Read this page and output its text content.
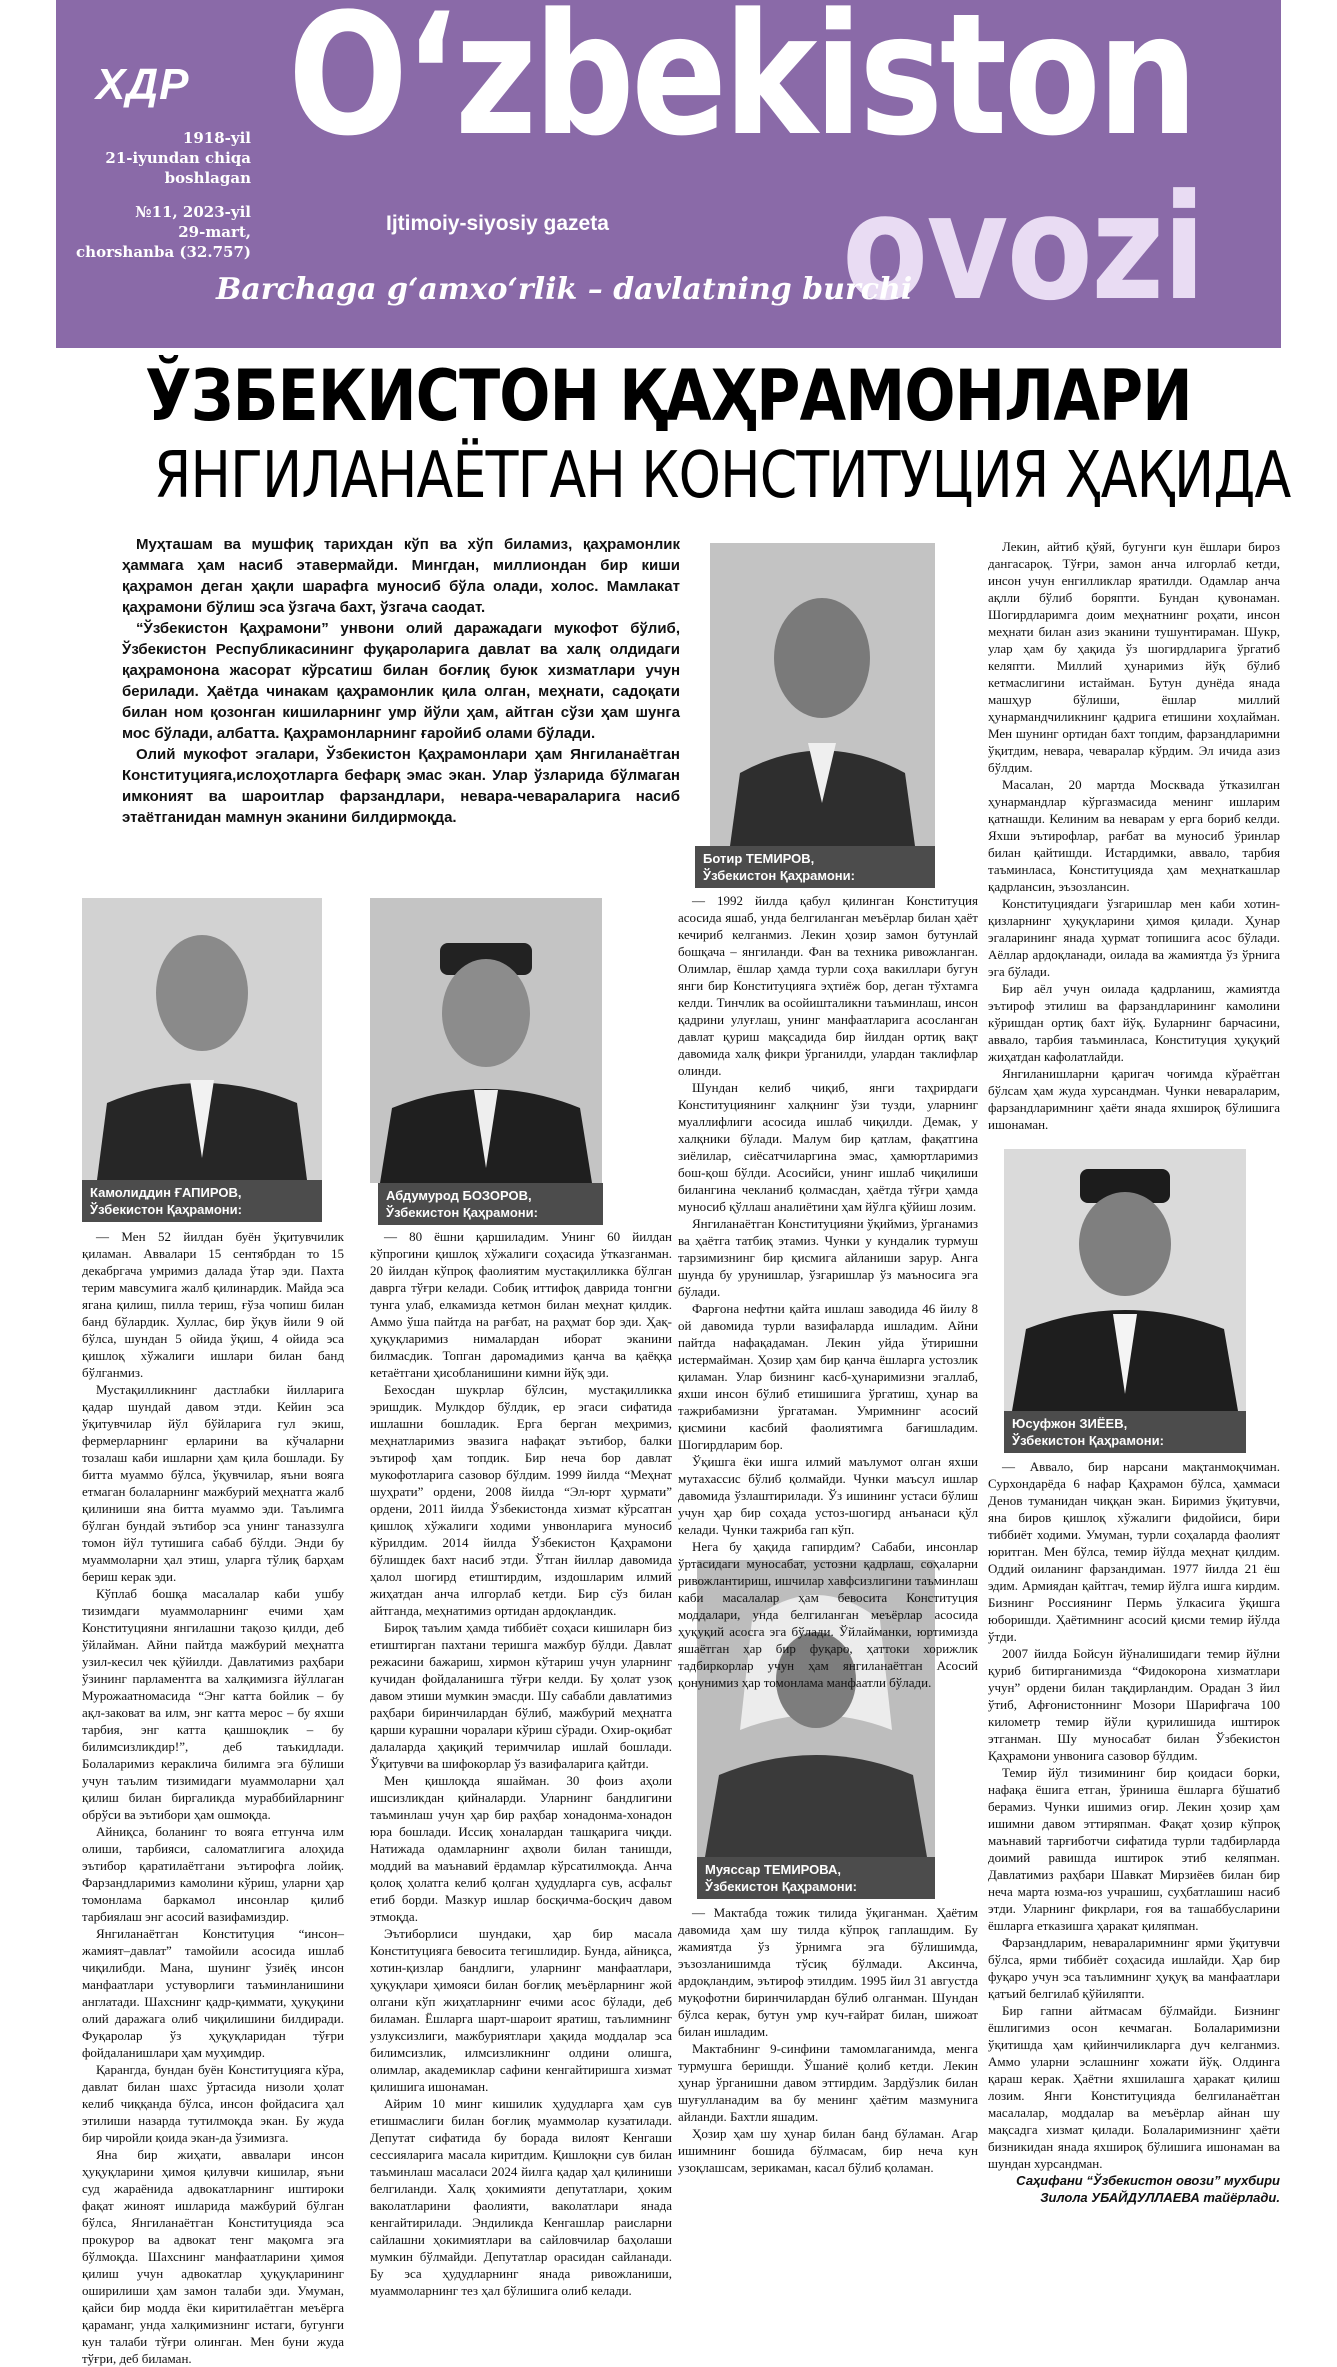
ХДР
1918-yil
21-iyundan chiqa
boshlagan
№11, 2023-yil
29-mart,
chorshanba (32.757)
O‘zbekiston
ovozi
Ijtimoiy-siyosiy gazeta
Barchaga g‘amxo‘rlik – davlatning burchi
ЎЗБЕКИСТОН ҚАҲРАМОНЛАРИ
ЯНГИЛАНАЁТГАН КОНСТИТУЦИЯ ҲАҚИДА

Муҳташам ва мушфиқ тарихдан кўп ва хўп биламиз, қаҳрамонлик ҳаммага ҳам насиб этавермайди. Мингдан, миллиондан бир киши қаҳрамон деган ҳақли шарафга муносиб бўла олади, холос. Мамлакат қаҳрамони бўлиш эса ўзгача бахт, ўзгача саодат.

“Ўзбекистон Қаҳрамони” унвони олий даражадаги мукофот бўлиб, Ўзбекистон Республикасининг фуқароларига давлат ва халқ олдидаги қаҳрамонона жасорат кўрсатиш билан боғлиқ буюк хизматлари учун берилади. Ҳаётда чинакам қаҳрамонлик қила олган, меҳнати, садоқати билан ном қозонган кишиларнинг умр йўли ҳам, айтган сўзи ҳам шунга мос бўлади, албатта. Қаҳрамонларнинг ғаройиб олами бўлади.

Олий мукофот эгалари, Ўзбекистон Қаҳрамонлари ҳам Янгиланаётган Конституцияга,ислоҳотларга бефарқ эмас экан. Улар ўзларида бўлмаган имконият ва шароитлар фарзандлари, невара-чевараларига насиб этаётганидан мамнун эканини билдирмоқда.

Ботир ТЕМИРОВ,
Ўзбекистон Қаҳрамони:
Камолиддин ҒАПИРОВ,
Ўзбекистон Қаҳрамони:
Абдумурод БОЗОРОВ,
Ўзбекистон Қаҳрамони:
Муяссар ТЕМИРОВА,
Ўзбекистон Қаҳрамони:
Юсуфжон ЗИЁЕВ,
Ўзбекистон Қаҳрамони:

— Мен 52 йилдан буён ўқитувчилик қиламан. Аввалари 15 сентябрдан то 15 декабргача умримиз далада ўтар эди. Пахта терим мавсумига жалб қилинардик. Майда эса ягана қилиш, пилла териш, ғўза чопиш билан банд бўлардик. Хуллас, бир ўқув йили 9 ой бўлса, шундан 5 ойида ўқиш, 4 ойида эса қишлоқ хўжалиги ишлари билан банд бўлганмиз.

Мустақилликнинг дастлабки йилларига қадар шундай давом этди. Кейин эса ўқитувчилар йўл бўйларига гул экиш, фермерларнинг ерларини ва кўчаларни тозалаш каби ишларни ҳам қила бошлади. Бу битта муаммо бўлса, ўқувчилар, яъни вояга етмаган болаларнинг мажбурий меҳнатга жалб қилиниши яна битта муаммо эди. Таълимга бўлган бундай эътибор эса унинг таназзулга томон йўл тутишига сабаб бўлди. Энди бу муаммоларни ҳал этиш, уларга тўлиқ барҳам бериш керак эди.

Кўплаб бошқа масалалар каби ушбу тизимдаги муаммоларнинг ечими ҳам Конституцияни янгилашни тақозо қилди, деб ўйлайман. Айни пайтда мажбурий меҳнатга узил-кесил чек қўйилди. Давлатимиз раҳбари ўзининг парламентга ва халқимизга йўллаган Мурожаатномасида “Энг катта бойлик – бу ақл-заковат ва илм, энг катта мерос – бу яхши тарбия, энг катта қашшоқлик – бу билимсизликдир!”, деб таъкидлади. Болаларимиз кераклича билимга эга бўлиши учун таълим тизимидаги муаммоларни ҳал қилиш билан биргаликда мураббийларнинг обрўси ва эътибори ҳам ошмоқда.

Айниқса, боланинг то вояга етгунча илм олиши, тарбияси, саломатлигига алоҳида эътибор қаратилаётгани эътирофга лойиқ. Фарзандларимиз камолини кўриш, уларни ҳар томонлама баркамол инсонлар қилиб тарбиялаш энг асосий вазифамиздир.

Янгиланаётган Конституция “инсон–жамият–давлат” тамойили асосида ишлаб чиқилибди. Мана, шунинг ўзиёқ инсон манфаатлари устуворлиги таъминланишини англатади. Шахснинг қадр-қиммати, ҳуқуқини олий даражага олиб чиқилишини билдиради. Фуқаролар ўз ҳуқуқларидан тўғри фойдаланишлари ҳам муҳимдир.

Қарангда, бундан буён Конституцияга кўра, давлат билан шахс ўртасида низоли ҳолат келиб чиққанда бўлса, инсон фойдасига ҳал этилиши назарда тутилмоқда экан. Бу жуда бир чиройли қоида экан-да ўзимизга.

Яна бир жиҳати, аввалари инсон ҳуқуқларини ҳимоя қилувчи кишилар, яъни суд жараёнида адвокатларнинг иштироки фақат жиноят ишларида мажбурий бўлган бўлса, Янгиланаётган Конституцияда эса прокурор ва адвокат тенг мақомга эга бўлмоқда. Шахснинг манфаатларини ҳимоя қилиш учун адвокатлар ҳуқуқларининг оширилиши ҳам замон талаби эди. Умуман, қайси бир модда ёки киритилаётган меъёрга қараманг, унда халқимизнинг истаги, бугунги кун талаби тўғри олинган. Мен буни жуда тўғри, деб биламан.

— 80 ёшни қаршиладим. Унинг 60 йилдан кўпрогини қишлоқ хўжалиги соҳасида ўтказганман. 20 йилдан кўпроқ фаолиятим мустақилликка бўлган даврга тўғри келади. Собиқ иттифоқ даврида тонгни тунга улаб, елкамизда кетмон билан меҳнат қилдик. Аммо ўша пайтда на рағбат, на раҳмат бор эди. Ҳақ-ҳуқуқларимиз нималардан иборат эканини билмасдик. Топган даромадимиз қанча ва қаёққа кетаётгани ҳисобланишини кимни йўқ эди.

Бехосдан шукрлар бўлсин, мустақилликка эришдик. Мулкдор бўлдик, ер эгаси сифатида ишлашни бошладик. Ерга берган меҳримиз, меҳнатларимиз эвазига нафақат эътибор, балки эътироф ҳам топдик. Бир неча бор давлат мукофотларига сазовор бўлдим. 1999 йилда “Меҳнат шуҳрати” ордени, 2008 йилда “Эл-юрт ҳурмати” ордени, 2011 йилда Ўзбекистонда хизмат кўрсатган қишлоқ хўжалиги ходими унвонларига муносиб кўрилдим. 2014 йилда Ўзбекистон Қаҳрамони бўлишдек бахт насиб этди. Ўтган йиллар давомида ҳалол шогирд етиштирдим, издошларим илмий жиҳатдан анча илгорлаб кетди. Бир сўз билан айтганда, меҳнатимиз ортидан ардоқландик.

Бироқ таълим ҳамда тиббиёт соҳаси кишиларн биз етиштирган пахтани теришга мажбур бўлди. Давлат режасини бажариш, хирмон кўтариш учун уларнинг кучидан фойдаланишга тўғри келди. Бу ҳолат узоқ давом этиши мумкин эмасди. Шу сабабли давлатимиз раҳбари биринчилардан бўлиб, мажбурий меҳнатга қарши курашни чоралари кўриш сўради. Охир-оқибат далаларда ҳақиқий теримчилар ишлай бошлади. Ўқитувчи ва шифокорлар ўз вазифаларига қайтди.

Мен қишлоқда яшайман. 30 фоиз аҳоли ишсизликдан қийналарди. Уларнинг бандлигини таъминлаш учун ҳар бир раҳбар хонадонма-хонадон юра бошлади. Иссиқ хоналардан ташқарига чиқди. Натижада одамларнинг аҳволи билан танишди, моддий ва маънавий ёрдамлар кўрсатилмоқда. Анча қолоқ ҳолатга келиб қолган ҳудудларга сув, асфальт етиб борди. Мазкур ишлар босқичма-босқич давом этмоқда.

Эътиборлиси шундаки, ҳар бир масала Конституцияга бевосита тегишлидир. Бунда, айниқса, хотин-қизлар бандлиги, уларнинг манфаатлари, ҳуқуқлари ҳимояси билан боғлиқ меъёрларнинг жой олгани кўп жиҳатларнинг ечими асос бўлади, деб биламан. Ёшларга шарт-шароит яратиш, таълимнинг узлуксизлиги, мажбуриятлари ҳақида моддалар эса билимсизлик, илмсизликнинг олдини олишга, олимлар, академиклар сафини кенгайтиришга хизмат қилишига ишонаман.

Айрим 10 минг кишилик ҳудудларга ҳам сув етишмаслиги билан боғлиқ муаммолар кузатилади. Депутат сифатида бу борада вилоят Кенгаши сессияларига масала киритдим. Қишлоқни сув билан таъминлаш масаласи 2024 йилга қадар ҳал қилиниши белгиланди. Халқ ҳокимияти депутатлари, ҳоким ваколатларини фаолияти, ваколатлари янада кенгайтирилади. Эндиликда Кенгашлар раисларни сайлашни ҳокимиятлари ва сайловчилар баҳолаши мумкин бўлмайди. Депутатлар орасидан сайланади. Бу эса ҳудудларнинг янада ривожланиши, муаммоларнинг тез ҳал бўлишига олиб келади.

— 1992 йилда қабул қилинган Конституция асосида яшаб, унда белгиланган меъёрлар билан ҳаёт кечириб келганмиз. Лекин ҳозир замон бутунлай бошқача – янгиланди. Фан ва техника ривожланган. Олимлар, ёшлар ҳамда турли соҳа вакиллари бугун янги бир Конституцияга эҳтиёж бор, деган тўхтамга келди. Тинчлик ва осойишталикни таъминлаш, инсон қадрини улуғлаш, унинг манфаатларига асосланган давлат қуриш мақсадида бир йилдан ортиқ вақт давомида халқ фикри ўрганилди, улардан таклифлар олинди.

Шундан келиб чиқиб, янги таҳрирдаги Конституциянинг халқнинг ўзи тузди, уларнинг муаллифлиги асосида ишлаб чиқилди. Демак, у халқники бўлади. Малум бир қатлам, фақатгина зиёлилар, сиёсатчиларгина эмас, ҳамюртларимиз бош-қош бўлди. Асосийси, унинг ишлаб чиқилиши билангина чекланиб қолмасдан, ҳаётда тўғри ҳамда муносиб қўллаш аналиётини ҳам йўлга қўйиш лозим.

Янгиланаётган Конституцияни ўқиймиз, ўрганамиз ва ҳаётга татбиқ этамиз. Чунки у кундалик турмуш тарзимизнинг бир қисмига айланиши зарур. Анга шунда бу урунишлар, ўзгаришлар ўз маъносига эга бўлади.

Фарғона нефтни қайта ишлаш заводида 46 йилу 8 ой давомида турли вазифаларда ишладим. Айни пайтда нафақадаман. Лекин уйда ўтиришни истермайман. Ҳозир ҳам бир қанча ёшларга устозлик қиламан. Улар бизнинг касб-ҳунаримизни эгаллаб, яхши инсон бўлиб етишишига ўргатиш, ҳунар ва тажрибамизни ўргатаман. Умримнинг асосий қисмини касбий фаолиятимга бағишладим. Шогирдларим бор.

Ўқишга ёки ишга илмий маълумот олган яхши мутахассис бўлиб қолмайди. Чунки маъсул ишлар давомида ўзлаштирилади. Ўз ишининг устаси бўлиш учун ҳар бир соҳада устоз-шогирд анъанаси қўл келади. Чунки тажриба гап кўп.

Нега бу ҳақида гапирдим? Сабаби, инсонлар ўртасидаги муносабат, устозни қадрлаш, соҳаларни ривожлантириш, ишчилар хавфсизлигини таъминлаш каби масалалар ҳам бевосита Конституция моддалари, унда белгиланган меъёрлар асосида ҳуқуқий асосга эга бўлади. Ўйлайманки, юртимизда яшаётган ҳар бир фуқаро, ҳаттоки хорижлик тадбиркорлар учун ҳам янгиланаётган Асосий қонунимиз ҳар томонлама манфаатли бўлади.

— Мактабда тожик тилида ўқиганман. Ҳаётим давомида ҳам шу тилда кўпроқ гаплашдим. Бу жамиятда ўз ўрнимга эга бўлишимда, эъзозланишимда тўсиқ бўлмади. Аксинча, ардоқландим, эътироф этилдим. 1995 йил 31 августда муқофотни биринчилардан бўлиб олганман. Шундан бўлса керак, бутун умр куч-ғайрат билан, шижоат билан ишладим.

Мактабнинг 9-синфини тамомлаганимда, менга турмушга беришди. Ўшаниё қолиб кетди. Лекин ҳунар ўрганишни давом эттирдим. Зардўзлик билан шуғулланадим ва бу менинг ҳаётим мазмунига айланди. Бахтли яшадим.

Ҳозир ҳам шу ҳунар билан банд бўламан. Агар ишимнинг бошида бўлмасам, бир неча кун узоқлашсам, зерикаман, касал бўлиб қоламан.

Лекин, айтиб қўяй, бугунги кун ёшлари бироз дангасароқ. Тўғри, замон анча илгорлаб кетди, инсон учун енгилликлар яратилди. Одамлар анча ақлли бўлиб боряпти. Бундан қувонаман. Шогирдларимга доим меҳнатнинг роҳати, инсон меҳнати билан азиз эканини тушунтираман. Шукр, улар ҳам бу ҳақида ўз шогирдларига ўргатиб келяпти. Миллий ҳунаримиз йўқ бўлиб кетмаслигини истайман. Бутун дунёда янада машҳур бўлиши, ёшлар миллий ҳунармандчиликнинг қадрига етишини хоҳлайман. Мен шунинг ортидан бахт топдим, фарзандларимни ўқитдим, невара, чеваралар кўрдим. Эл ичида азиз бўлдим.

Масалан, 20 мартда Москвада ўтказилган ҳунармандлар кўргазмасида менинг ишларим қатнашди. Келиним ва неварам у ерга бориб келди. Яхши эътирофлар, рағбат ва муносиб ўринлар билан қайтишди. Истардимки, аввало, тарбия таъминласа, Конституцияда ҳам меҳнаткашлар қадрлансин, эъзозлансин.

Конституциядаги ўзгаришлар мен каби хотин-қизларнинг ҳуқуқларини ҳимоя қилади. Ҳунар эгаларининг янада ҳурмат топишига асос бўлади. Аёллар ардоқланади, оилада ва жамиятда ўз ўрнига эга бўлади.

Бир аёл учун оилада қадрланиш, жамиятда эътироф этилиш ва фарзандларининг камолини кўришдан ортиқ бахт йўқ. Буларнинг барчасини, аввало, тарбия таъминласа, Конституция ҳуқуқий жиҳатдан кафолатлайди.

Янгиланишларни қаригач чоғимда кўраётган бўлсам ҳам жуда хурсандман. Чунки невараларим, фарзандларимнинг ҳаёти янада яхшироқ бўлишига ишонаман.

— Аввало, бир нарсани мақтанмоқчиман. Сурхондарёда 6 нафар Қаҳрамон бўлса, ҳаммаси Денов туманидан чиққан экан. Биримиз ўқитувчи, яна биров қишлоқ хўжалиги фидойиси, бири тиббиёт ходими. Умуман, турли соҳаларда фаолият юритган. Мен бўлса, темир йўлда меҳнат қилдим. Оддий оиланинг фарзандиман. 1977 йилда 21 ёш эдим. Армиядан қайтгач, темир йўлга ишга кирдим. Бизнинг Россиянинг Пермь ўлкасига ўқишга юборишди. Ҳаётимнинг асосий қисми темир йўлда ўтди.

2007 йилда Бойсун йўналишидаги темир йўлни қуриб битирганимизда “Фидокорона хизматлари учун” ордени билан тақдирландим. Орадан 3 йил ўтиб, Афғонистоннинг Мозори Шарифгача 100 километр темир йўли қурилишида иштирок этганман. Шу муносабат билан Ўзбекистон Қаҳрамони унвонига сазовор бўлдим.

Темир йўл тизимининг бир қоидаси борки, нафақа ёшига етган, ўриниша ёшларга бўшатиб берамиз. Чунки ишимиз оғир. Лекин ҳозир ҳам ишимни давом эттиряпман. Фақат ҳозир кўпроқ маънавий тарғиботчи сифатида турли тадбирларда доимий равишда иштирок этиб келяпман. Давлатимиз раҳбари Шавкат Мирзиёев билан бир неча марта юзма-юз учрашиш, суҳбатлашиш насиб этди. Уларнинг фикрлари, ғоя ва ташаббусларини ёшларга етказишга ҳаракат қиляпман.

Фарзандларим, невараларимнинг ярми ўқитувчи бўлса, ярми тиббиёт соҳасида ишлайди. Ҳар бир фуқаро учун эса таълимнинг ҳуқуқ ва манфаатлари қатъий белгилаб қўйиляпти.

Бир гапни айтмасам бўлмайди. Бизнинг ёшлигимиз осон кечмаган. Болаларимизни ўқитишда ҳам қийинчиликларга дуч келганмиз. Аммо уларни эслашнинг хожати йўқ. Олдинга қараш керак. Ҳаётни яхшилашга ҳаракат қилиш лозим. Янги Конституцияда белгиланаётган масалалар, моддалар ва меъёрлар айнан шу мақсадга хизмат қилади. Болаларимизнинг ҳаёти бизникидан янада яхшироқ бўлишига ишонаман ва шундан хурсандман.

Саҳифани “Ўзбекистон овози” мухбири
Зилола УБАЙДУЛЛАЕВА тайёрлади.
